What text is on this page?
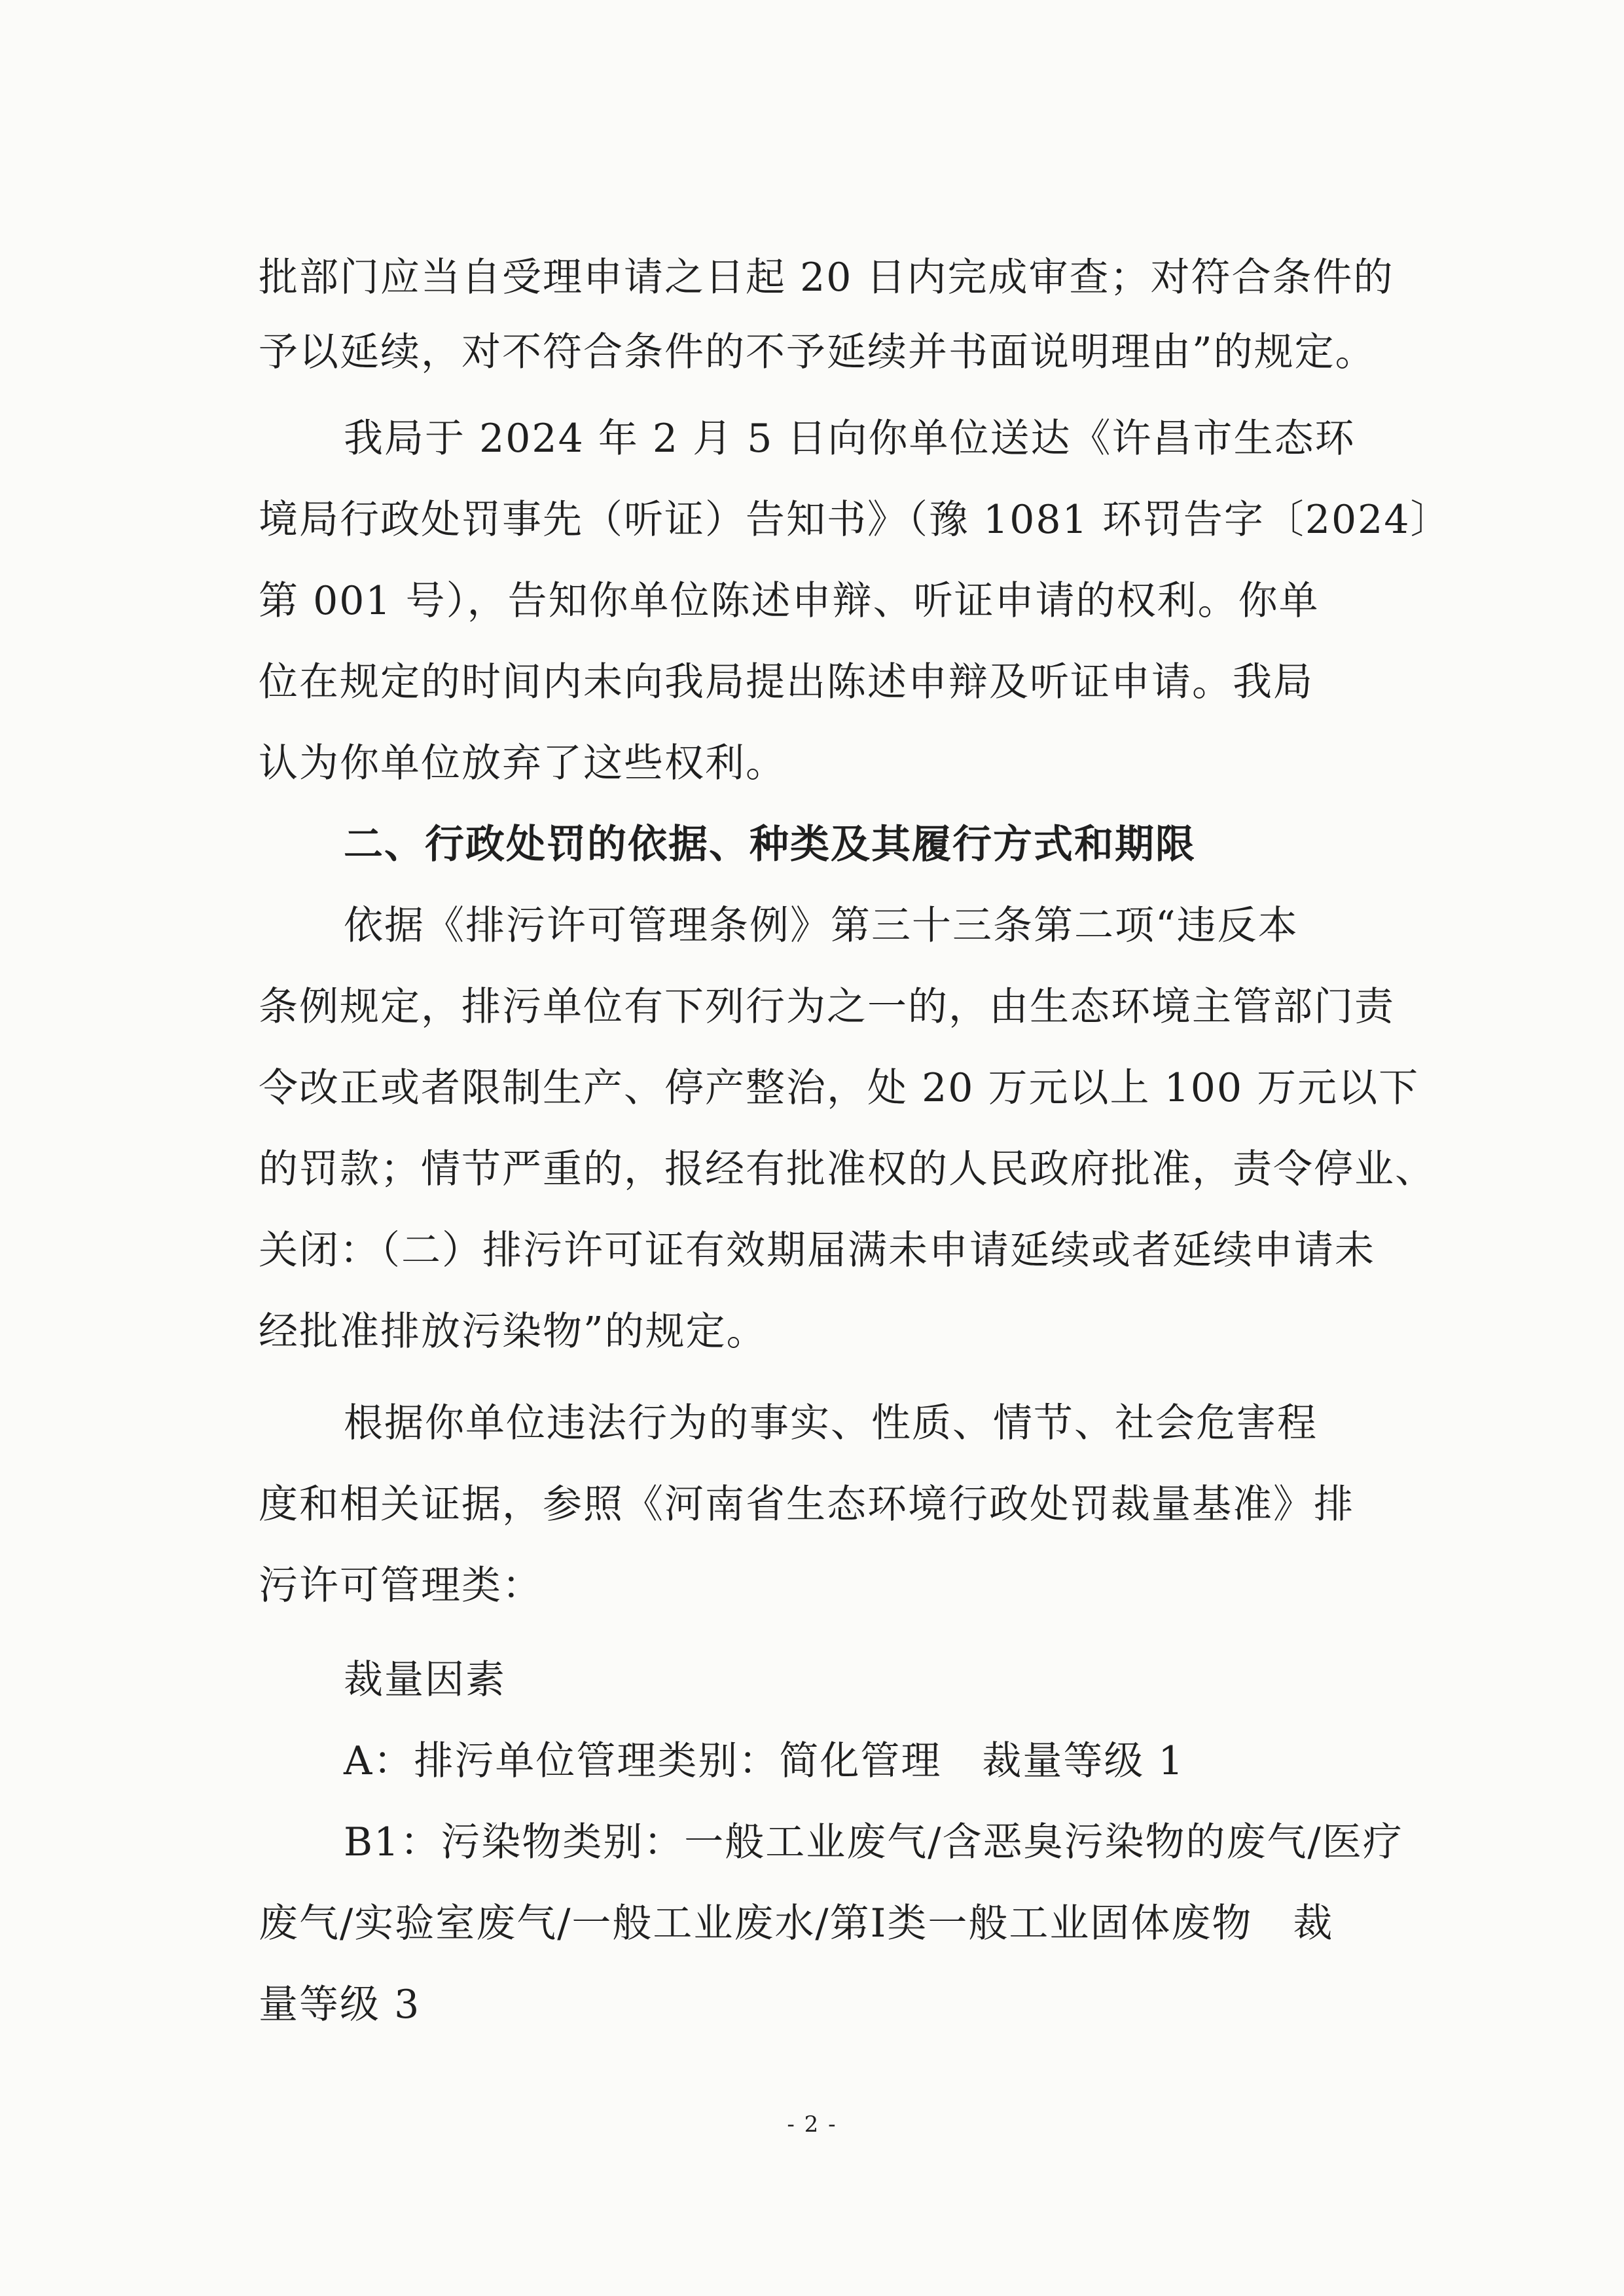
批部门应当自受理申请之日起 20 日内完成审查；对符合条件的
予以延续，对不符合条件的不予延续并书面说明理由”的规定。
我局于 2024 年 2 月 5 日向你单位送达《许昌市生态环
境局行政处罚事先（听证）告知书》（豫 1081 环罚告字〔2024〕
第 001 号），告知你单位陈述申辩、听证申请的权利。你单
位在规定的时间内未向我局提出陈述申辩及听证申请。我局
认为你单位放弃了这些权利。
二、行政处罚的依据、种类及其履行方式和期限
依据《排污许可管理条例》第三十三条第二项“违反本
条例规定，排污单位有下列行为之一的，由生态环境主管部门责
令改正或者限制生产、停产整治，处 20 万元以上 100 万元以下
的罚款；情节严重的，报经有批准权的人民政府批准，责令停业、
关闭：（二）排污许可证有效期届满未申请延续或者延续申请未
经批准排放污染物”的规定。
根据你单位违法行为的事实、性质、情节、社会危害程
度和相关证据，参照《河南省生态环境行政处罚裁量基准》排
污许可管理类：
裁量因素
A：排污单位管理类别：简化管理　裁量等级 1
B1：污染物类别：一般工业废气/含恶臭污染物的废气/医疗
废气/实验室废气/一般工业废水/第Ⅰ类一般工业固体废物　裁
量等级 3
- 2 -
